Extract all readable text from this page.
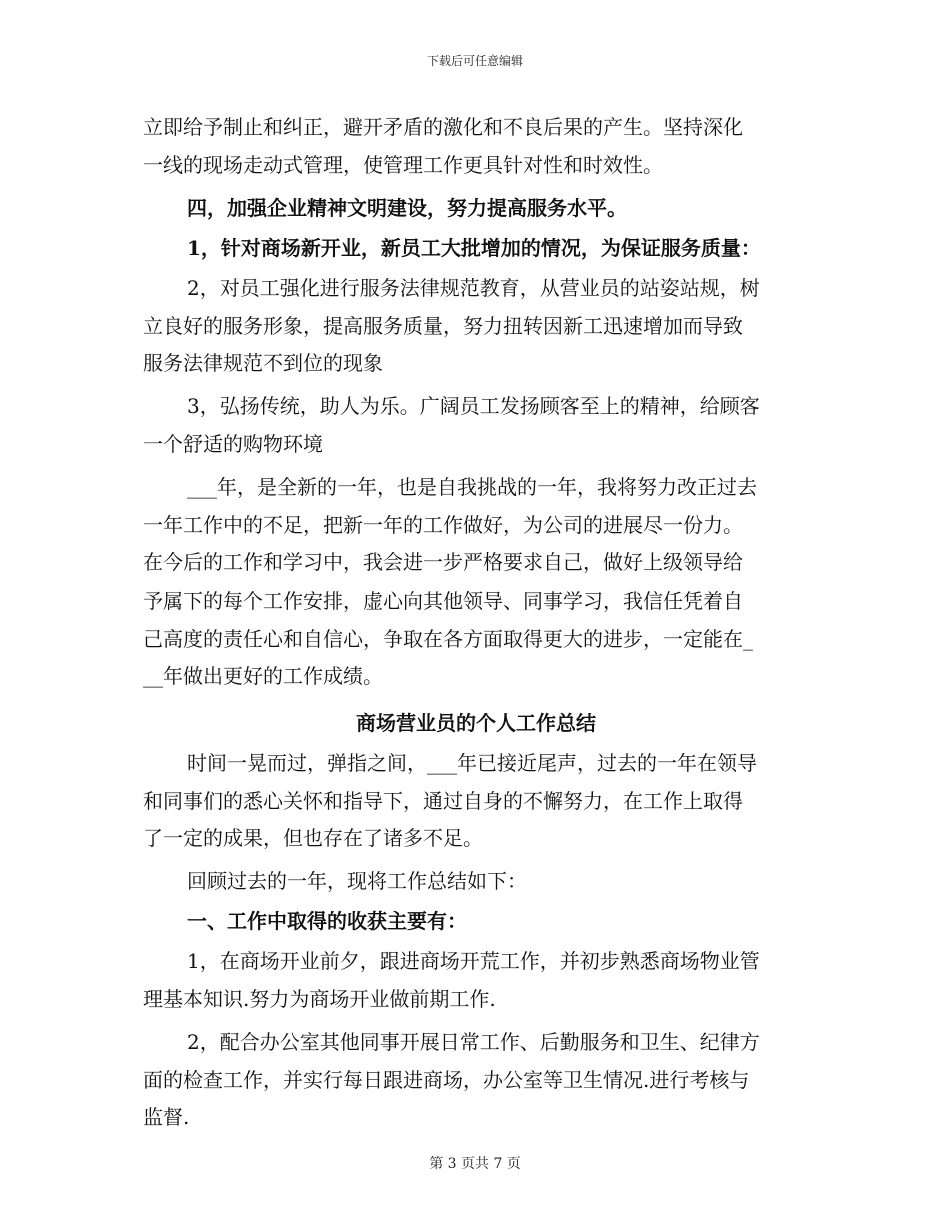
下载后可任意编辑
立即给予制止和纠正，避开矛盾的激化和不良后果的产生。坚持深化
一线的现场走动式管理，使管理工作更具针对性和时效性。
四，加强企业精神文明建设，努力提高服务水平。
1，针对商场新开业，新员工大批增加的情况，为保证服务质量：
2，对员工强化进行服务法律规范教育，从营业员的站姿站规，树
立良好的服务形象，提高服务质量，努力扭转因新工迅速增加而导致
服务法律规范不到位的现象
3，弘扬传统，助人为乐。广阔员工发扬顾客至上的精神，给顾客
一个舒适的购物环境
___年，是全新的一年，也是自我挑战的一年，我将努力改正过去
一年工作中的不足，把新一年的工作做好，为公司的进展尽一份力。
在今后的工作和学习中，我会进一步严格要求自己，做好上级领导给
予属下的每个工作安排，虚心向其他领导、同事学习，我信任凭着自
己高度的责任心和自信心，争取在各方面取得更大的进步，一定能在_
__年做出更好的工作成绩。
商场营业员的个人工作总结
时间一晃而过，弹指之间，___年已接近尾声，过去的一年在领导
和同事们的悉心关怀和指导下，通过自身的不懈努力，在工作上取得
了一定的成果，但也存在了诸多不足。
回顾过去的一年，现将工作总结如下：
一、工作中取得的收获主要有：
1，在商场开业前夕，跟进商场开荒工作，并初步熟悉商场物业管
理基本知识.努力为商场开业做前期工作.
2，配合办公室其他同事开展日常工作、后勤服务和卫生、纪律方
面的检查工作，并实行每日跟进商场，办公室等卫生情况.进行考核与
监督.
第 3 页共 7 页
